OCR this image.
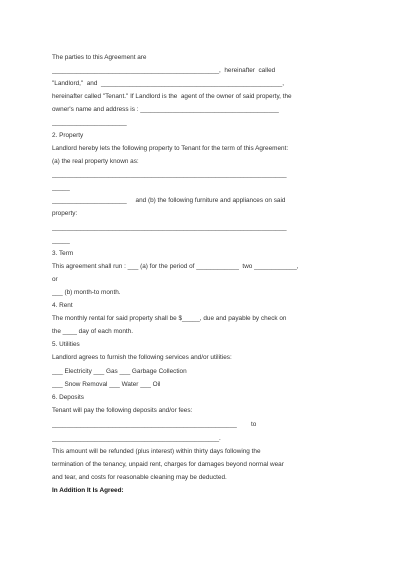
The parties to this Agreement are

_______________________________________________,  hereinafter  called

"Landlord,"  and  ___________________________________________________,

hereinafter called "Tenant." If Landlord is the  agent of the owner of said property, the

owner's name and address is : _______________________________________

_____________________

2. Property

Landlord hereby lets the following property to Tenant for the term of this Agreement:

(a) the real property known as:

__________________________________________________________________

_____

_____________________     and (b) the following furniture and appliances on said

property:

__________________________________________________________________

_____

3. Term

This agreement shall run : ___ (a) for the period of ____________  two ____________,

or

___ (b) month-to month.

4. Rent

The monthly rental for said property shall be $_____, due and payable by check on

the ____ day of each month.

5. Utilities

Landlord agrees to furnish the following services and/or utilities:

___ Electricity ___ Gas ___ Garbage Collection

___ Snow Removal ___ Water ___ Oil

6. Deposits

Tenant will pay the following deposits and/or fees:

____________________________________________________        to

_______________________________________________.

This amount will be refunded (plus interest) within thirty days following the

termination of the tenancy, unpaid rent, charges for damages beyond normal wear

and tear, and costs for reasonable cleaning may be deducted.

In Addition It Is Agreed:
